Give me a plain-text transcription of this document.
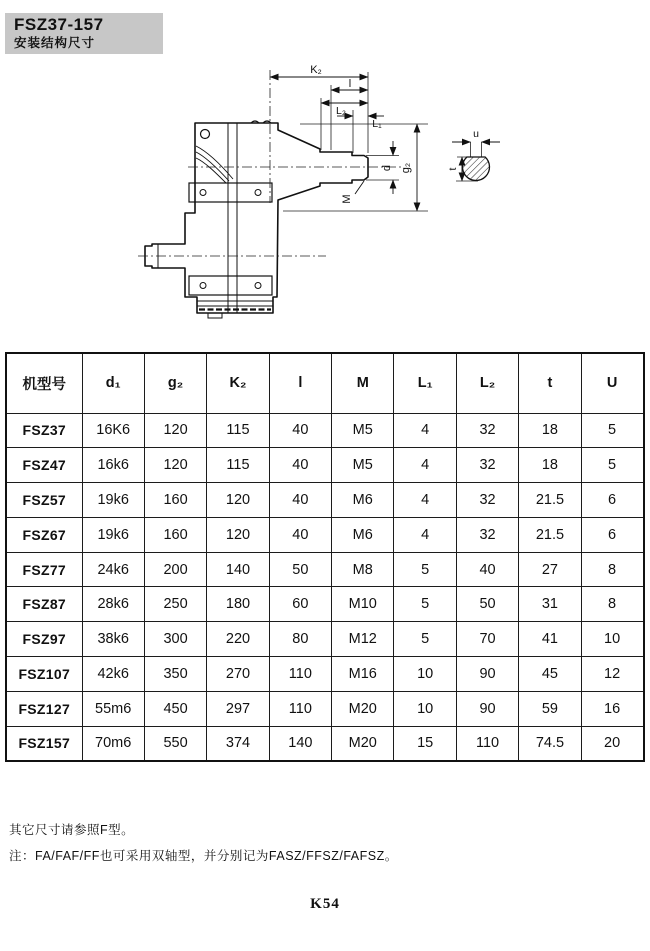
FSZ37-157
安装结构尺寸
K₂
l
L₂
L₁
d
M
g₂
u
t
机型号	d₁	g₂	K₂	l	M	L₁	L₂	t	U
FSZ37	16K6	120	115	40	M5	4	32	18	5
FSZ47	16k6	120	115	40	M5	4	32	18	5
FSZ57	19k6	160	120	40	M6	4	32	21.5	6
FSZ67	19k6	160	120	40	M6	4	32	21.5	6
FSZ77	24k6	200	140	50	M8	5	40	27	8
FSZ87	28k6	250	180	60	M10	5	50	31	8
FSZ97	38k6	300	220	80	M12	5	70	41	10
FSZ107	42k6	350	270	110	M16	10	90	45	12
FSZ127	55m6	450	297	110	M20	10	90	59	16
FSZ157	70m6	550	374	140	M20	15	110	74.5	20
其它尺寸请参照F型。
注：FA/FAF/FF也可采用双轴型，并分别记为FASZ/FFSZ/FAFSZ。
K54
